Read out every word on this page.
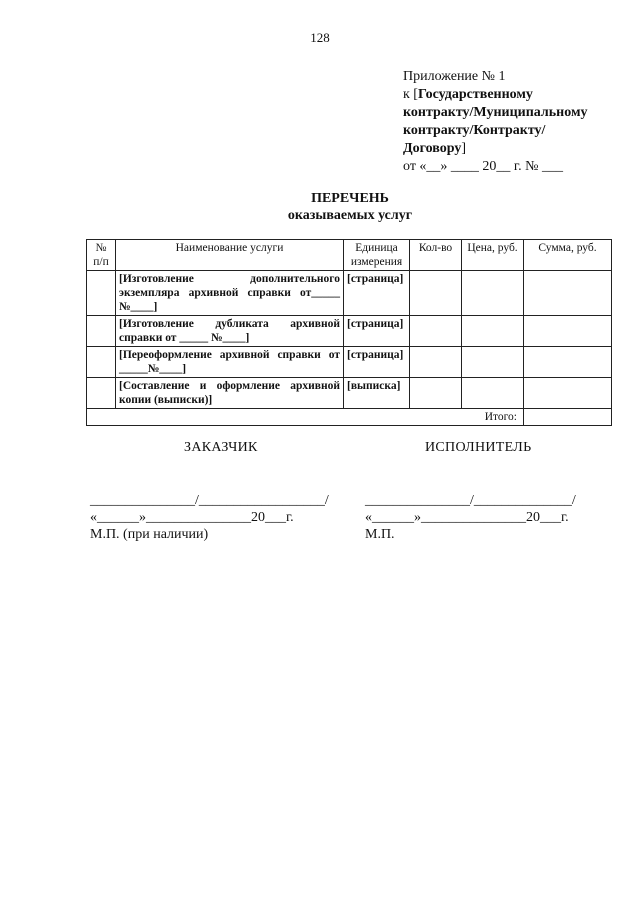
128
Приложение № 1
к [Государственному
контракту/Муниципальному
контракту/Контракту/
Договору]
от «__» ____ 20__ г. № ___
ПЕРЕЧЕНЬ
оказываемых услуг
№
п/п	Наименование услуги	Единица измерения	Кол-во	Цена, руб.	Сумма, руб.
	[Изготовление дополнительного экземпляра архивной справки от_____ №____]	[страница]			
	[Изготовление дубликата архивной справки от _____ №____]	[страница]			
	[Переоформление архивной справки от _____№____]	[страница]			
	[Составление и оформление архивной копии (выписки)]	[выписка]			
Итого:					
ЗАКАЗЧИК	ИСПОЛНИТЕЛЬ
_______________/__________________/
«______»_______________20___г.
М.П. (при наличии)
_______________/______________/
«______»_______________20___г.
М.П.
